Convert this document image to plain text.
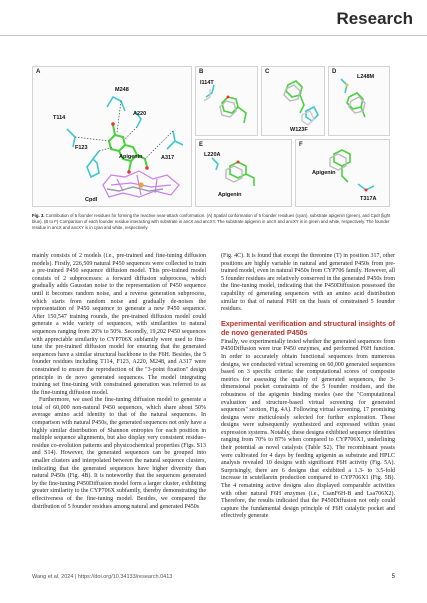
Research
A
M248
T114
A220
F123
Apigenin	A317
CpdI
B
I114T
C
W123F
D
L248M
E
L220A
Apigenin
F
Apigenin
T317A
Fig. 3. Contribution of 5 founder residues for forming the reactive near-attack conformation. (A) Spatial conformation of 5 founder residues (cyan), substrate apigenin (green), and CpdI (light blue). (B to F) Comparison of each founder residue interacting with substrate in ancX and ancXY. The substrate apigenin in ancX and ancXY is in green and white, respectively. The founder residue in ancX and ancXY is in cyan and white, respectively.

mainly consists of 2 models (i.e., pre-trained and fine-tuning diffusion models). Firstly, 226,509 natural P450 sequences were collected to train a pre-trained P450 sequence diffusion model. This pre-trained model consists of 2 subprocesses: a forward diffusion subprocess, which gradually adds Gaussian noise to the representation of P450 sequence until it becomes random noise, and a reverse generation subprocess, which starts from random noise and gradually de-noises the representation of P450 sequence to generate a new P450 sequence. After 150,547 training rounds, the pre-trained diffusion model could generate a wide variety of sequences, with similarities to natural sequences ranging from 20% to 50%. Secondly, 19,202 P450 sequences with appreciable similarity to CYP706X subfamily were used to fine-tune the pre-trained diffusion model for ensuring that the generated sequences have a similar structural backbone to the F6H. Besides, the 5 founder residues including T114, F123, A220, M248, and A317 were constrained to ensure the reproduction of the "3-point fixation" design principle in de novo generated sequences. The model integrating training set fine-tuning with constrained generation was referred to as the fine-tuning diffusion model.

Furthermore, we used the fine-tuning diffusion model to generate a total of 60,000 non-natural P450 sequences, which share about 50% average amino acid identity to that of the natural sequences. In comparison with natural P450s, the generated sequences not only have a highly similar distribution of Shannon entropies for each position in multiple sequence alignments, but also display very consistent residue–residue co-evolution patterns and physicochemical properties (Figs. S13 and S14). However, the generated sequences can be grouped into smaller clusters and interpolated between the natural sequence clusters, indicating that the generated sequences have higher diversity than natural P450s (Fig. 4B). It is noteworthy that the sequences generated by the fine-tuning P450Diffusion model form a larger cluster, exhibiting greater similarity to the CYP706X subfamily, thereby demonstrating the effectiveness of the fine-tuning model. Besides, we compared the distribution of 5 founder residues among natural and generated P450s

(Fig. 4C). It is found that except the threonine (T) in position 317, other positions are highly variable in natural and generated P450s from pre-trained model, even in natural P450s from CYP706 family. However, all 5 founder residues are relatively conserved in the generated P450s from the fine-tuning model, indicating that the P450Diffusion possessed the capability of generating sequences with an amino acid distribution similar to that of natural F6H on the basis of constrained 5 founder residues.

Experimental verification and structural insights of de novo generated P450s

Finally, we experimentally tested whether the generated sequences from P450Diffusion were true P450 enzymes, and performed F6H function. In order to accurately obtain functional sequences from numerous designs, we conducted virtual screening on 60,000 generated sequences based on 3 specific criteria: the computational scores of composite metrics for assessing the quality of generated sequences, the 3-dimensional pocket constraints of the 5 founder residues, and the robustness of the apigenin binding modes (see the "Computational evaluation and structure-based virtual screening for generated sequences" section, Fig. 4A). Following virtual screening, 17 promising designs were meticulously selected for further exploration. These designs were subsequently synthesized and expressed within yeast expression systems. Notably, these designs exhibited sequence identities ranging from 70% to 87% when compared to CYP706X1, underlining their potential as novel catalysts (Table S2). The recombinant yeasts were cultivated for 4 days by feeding apigenin as substrate and HPLC analysis revealed 10 designs with significant F6H activity (Fig. 5A). Surprisingly, there are 6 designs that exhibited a 1.3- to 3.5-fold increase in scutellarein production compared to CYP706X1 (Fig. 5B). The 4 remaining active designs also displayed comparable activities with other natural F6H enzymes (i.e., CsanF6H-B and Lsa706X2). Therefore, the results indicated that the P450Diffusion not only could capture the fundamental design principle of F6H catalytic pocket and effectively generate

Wang et al. 2024 | https://doi.org/10.34133/research.0413	5
